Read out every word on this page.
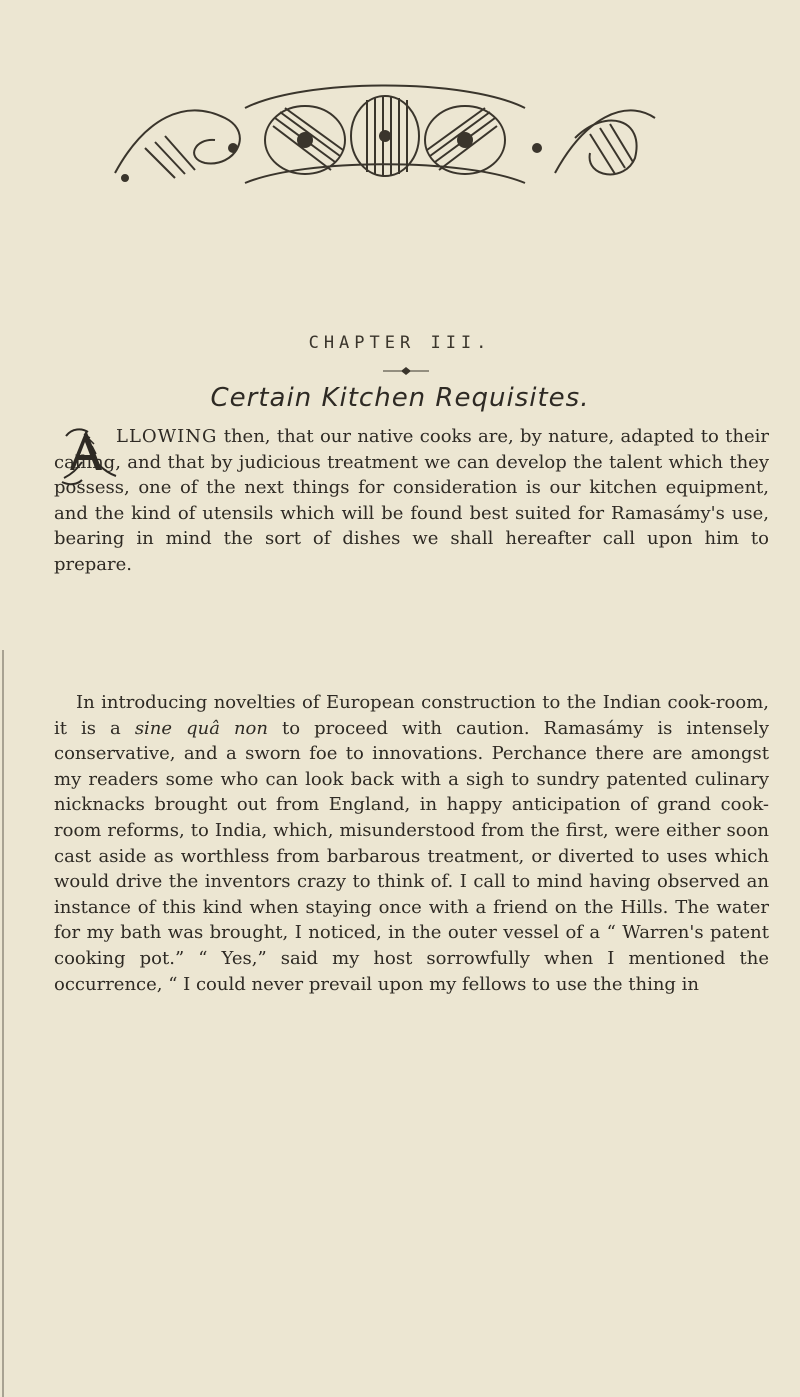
CHAPTER III.
Certain Kitchen Requisites.

LLOWING then, that our native cooks are, by nature, adapted to their calling, and that by judicious treatment we can develop the talent which they possess, one of the next things for consideration is our kitchen equipment, and the kind of utensils which will be found best suited for Ramasámy's use, bearing in mind the sort of dishes we shall hereafter call upon him to prepare.

In introducing novelties of European construction to the Indian cook-room, it is a sine quâ non to proceed with caution. Ramasámy is intensely conservative, and a sworn foe to innovations. Perchance there are amongst my readers some who can look back with a sigh to sundry patented culinary nicknacks brought out from England, in happy anticipation of grand cook-room reforms, to India, which, misunderstood from the first, were either soon cast aside as worthless from barbarous treatment, or diverted to uses which would drive the inventors crazy to think of. I call to mind having observed an instance of this kind when staying once with a friend on the Hills. The water for my bath was brought, I noticed, in the outer vessel of a “ Warren's patent cooking pot.” “ Yes,” said my host sorrowfully when I mentioned the occurrence, “ I could never prevail upon my fellows to use the thing in
